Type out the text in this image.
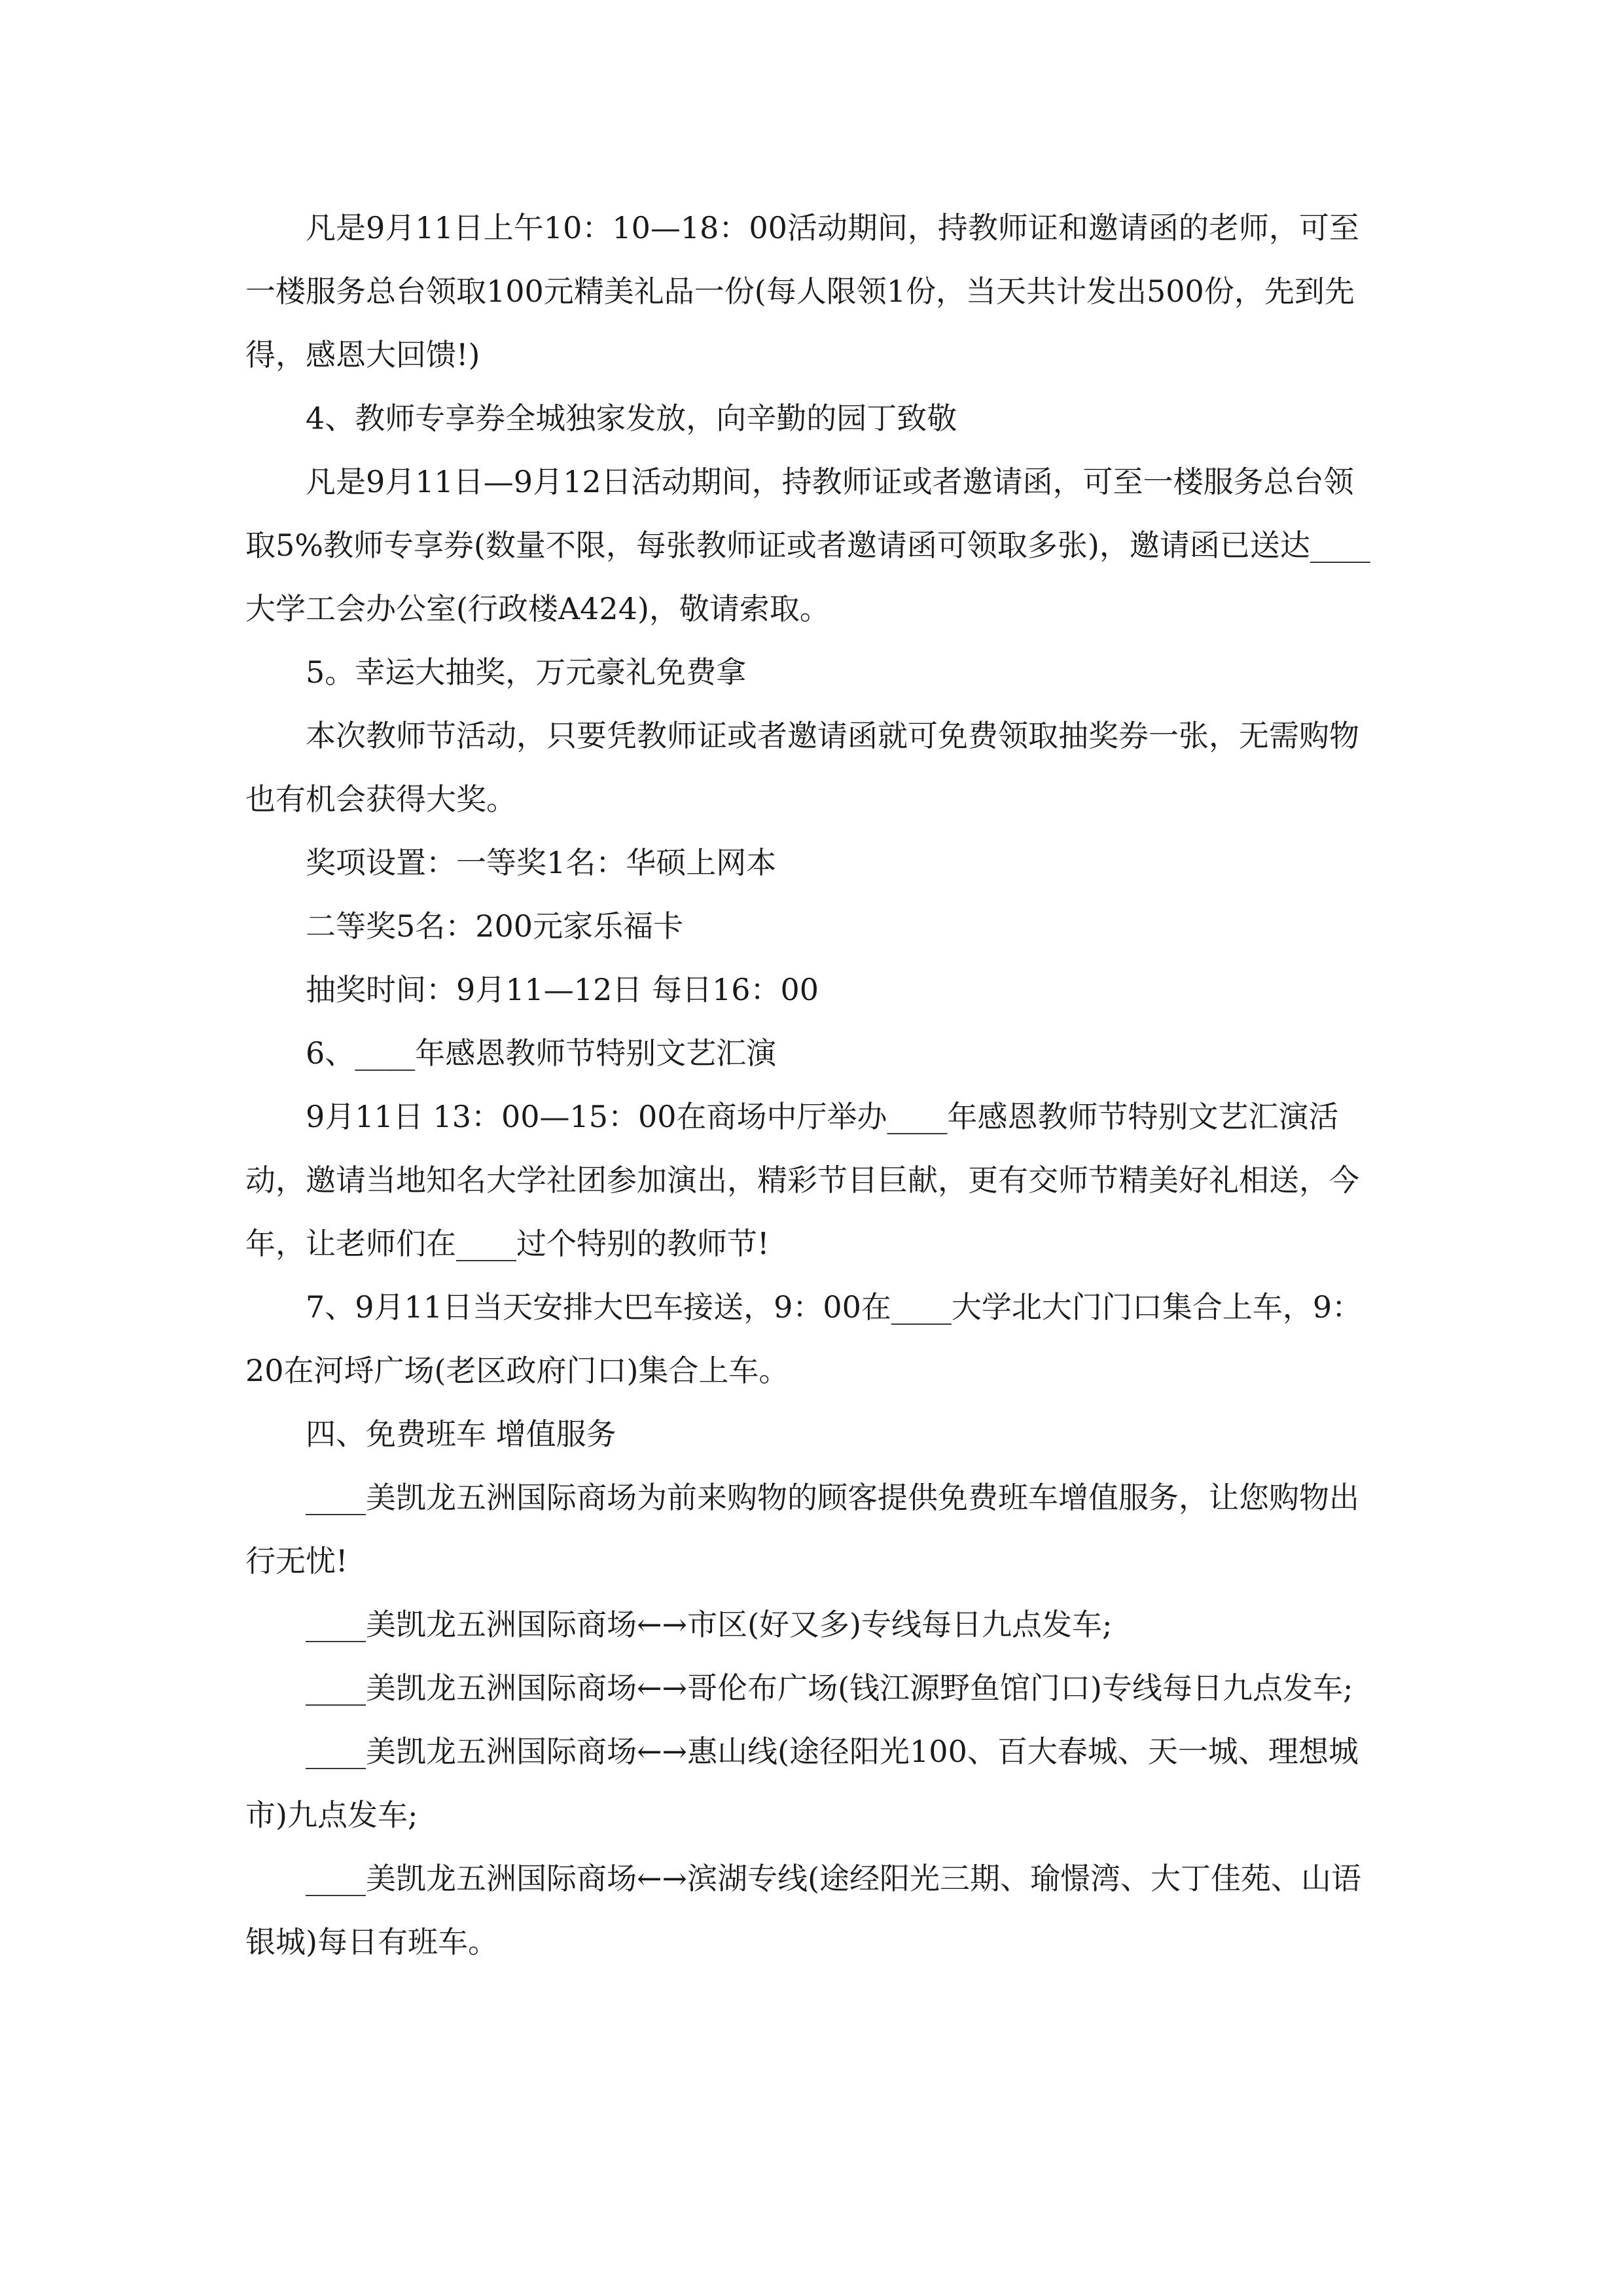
凡是9月11日上午10：10—18：00活动期间，持教师证和邀请函的老师，可至一楼服务总台领取100元精美礼品一份(每人限领1份，当天共计发出500份，先到先得，感恩大回馈!)

4、教师专享券全城独家发放，向辛勤的园丁致敬

凡是9月11日—9月12日活动期间，持教师证或者邀请函，可至一楼服务总台领取5%教师专享券(数量不限，每张教师证或者邀请函可领取多张)，邀请函已送达____大学工会办公室(行政楼A424)，敬请索取。

5。幸运大抽奖，万元豪礼免费拿

本次教师节活动，只要凭教师证或者邀请函就可免费领取抽奖券一张，无需购物也有机会获得大奖。

奖项设置：一等奖1名：华硕上网本

二等奖5名：200元家乐福卡

抽奖时间：9月11—12日 每日16：00

6、____年感恩教师节特别文艺汇演

9月11日 13：00—15：00在商场中厅举办____年感恩教师节特别文艺汇演活动，邀请当地知名大学社团参加演出，精彩节目巨献，更有交师节精美好礼相送，今年，让老师们在____过个特别的教师节!

7、9月11日当天安排大巴车接送，9：00在____大学北大门门口集合上车，9：20在河埒广场(老区政府门口)集合上车。

四、免费班车 增值服务

____美凯龙五洲国际商场为前来购物的顾客提供免费班车增值服务，让您购物出行无忧!

____美凯龙五洲国际商场←→市区(好又多)专线每日九点发车;

____美凯龙五洲国际商场←→哥伦布广场(钱江源野鱼馆门口)专线每日九点发车;

____美凯龙五洲国际商场←→惠山线(途径阳光100、百大春城、天一城、理想城市)九点发车;

____美凯龙五洲国际商场←→滨湖专线(途经阳光三期、瑜憬湾、大丁佳苑、山语银城)每日有班车。
